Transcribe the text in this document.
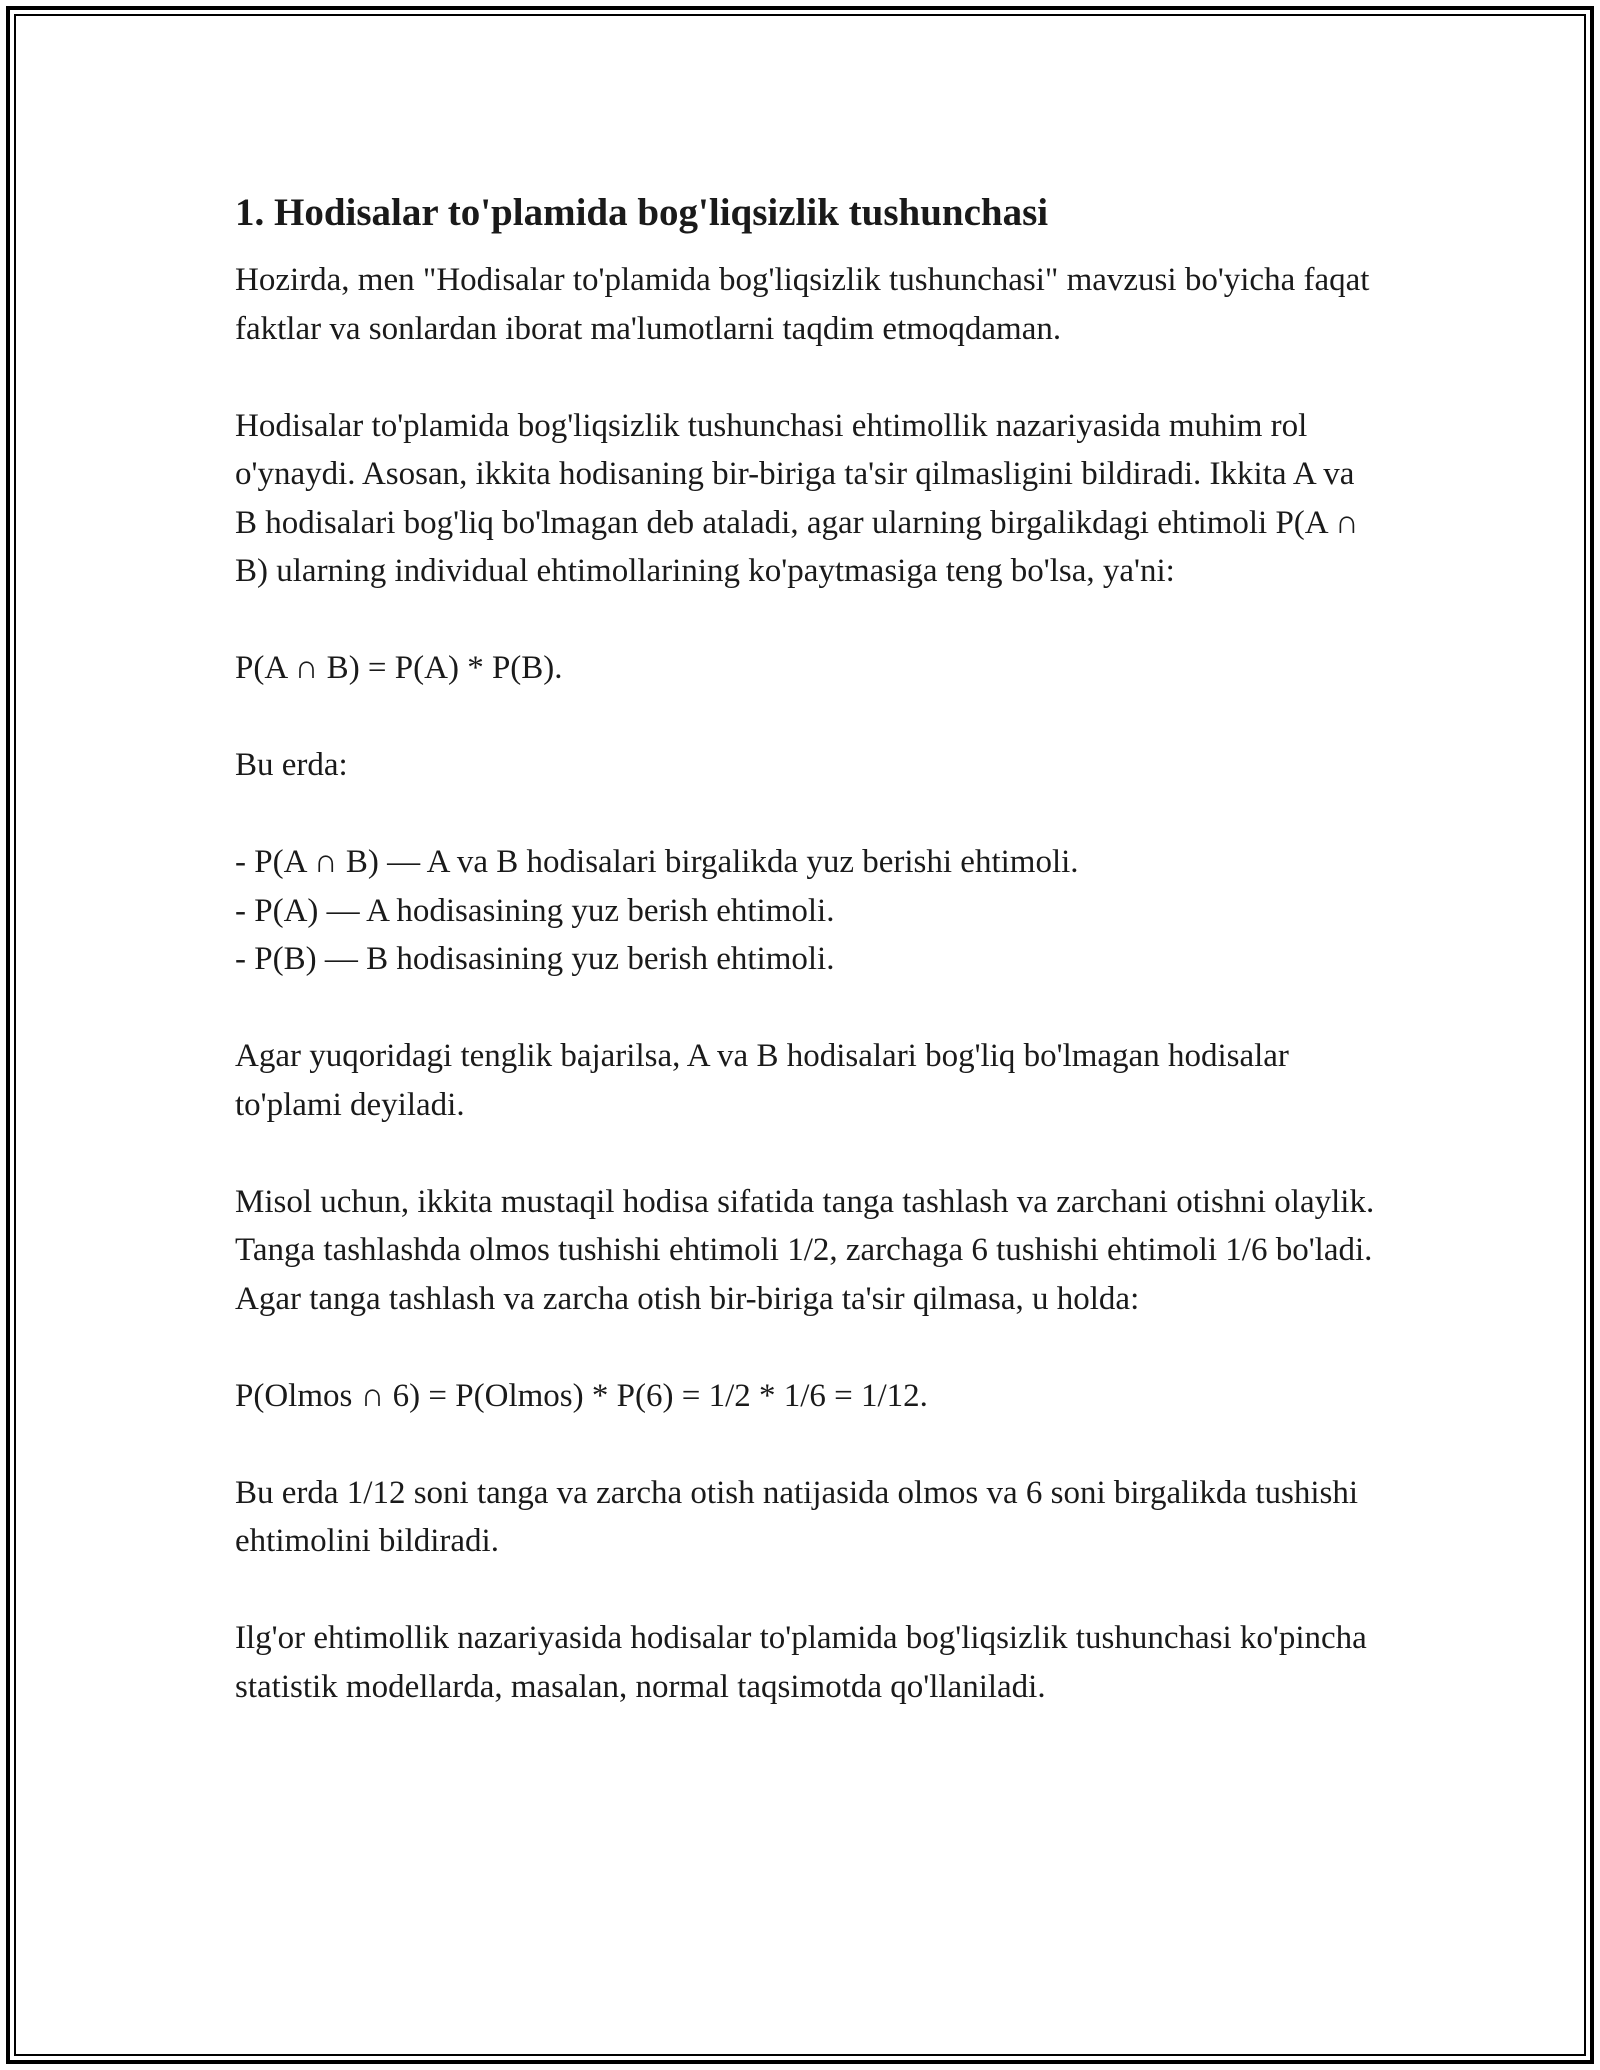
1. Hodisalar to'plamida bog'liqsizlik tushunchasi

Hozirda, men "Hodisalar to'plamida bog'liqsizlik tushunchasi" mavzusi bo'yicha faqat faktlar va sonlardan iborat ma'lumotlarni taqdim etmoqdaman.

Hodisalar to'plamida bog'liqsizlik tushunchasi ehtimollik nazariyasida muhim rol o'ynaydi. Asosan, ikkita hodisaning bir-biriga ta'sir qilmasligini bildiradi. Ikkita A va B hodisalari bog'liq bo'lmagan deb ataladi, agar ularning birgalikdagi ehtimoli P(A ∩ B) ularning individual ehtimollarining ko'paytmasiga teng bo'lsa, ya'ni:

P(A ∩ B) = P(A) * P(B).

Bu erda:

- P(A ∩ B) — A va B hodisalari birgalikda yuz berishi ehtimoli.
- P(A) — A hodisasining yuz berish ehtimoli.
- P(B) — B hodisasining yuz berish ehtimoli.

Agar yuqoridagi tenglik bajarilsa, A va B hodisalari bog'liq bo'lmagan hodisalar to'plami deyiladi.

Misol uchun, ikkita mustaqil hodisa sifatida tanga tashlash va zarchani otishni olaylik. Tanga tashlashda olmos tushishi ehtimoli 1/2, zarchaga 6 tushishi ehtimoli 1/6 bo'ladi. Agar tanga tashlash va zarcha otish bir-biriga ta'sir qilmasa, u holda:

P(Olmos ∩ 6) = P(Olmos) * P(6) = 1/2 * 1/6 = 1/12.

Bu erda 1/12 soni tanga va zarcha otish natijasida olmos va 6 soni birgalikda tushishi ehtimolini bildiradi.

Ilg'or ehtimollik nazariyasida hodisalar to'plamida bog'liqsizlik tushunchasi ko'pincha statistik modellarda, masalan, normal taqsimotda qo'llaniladi.
